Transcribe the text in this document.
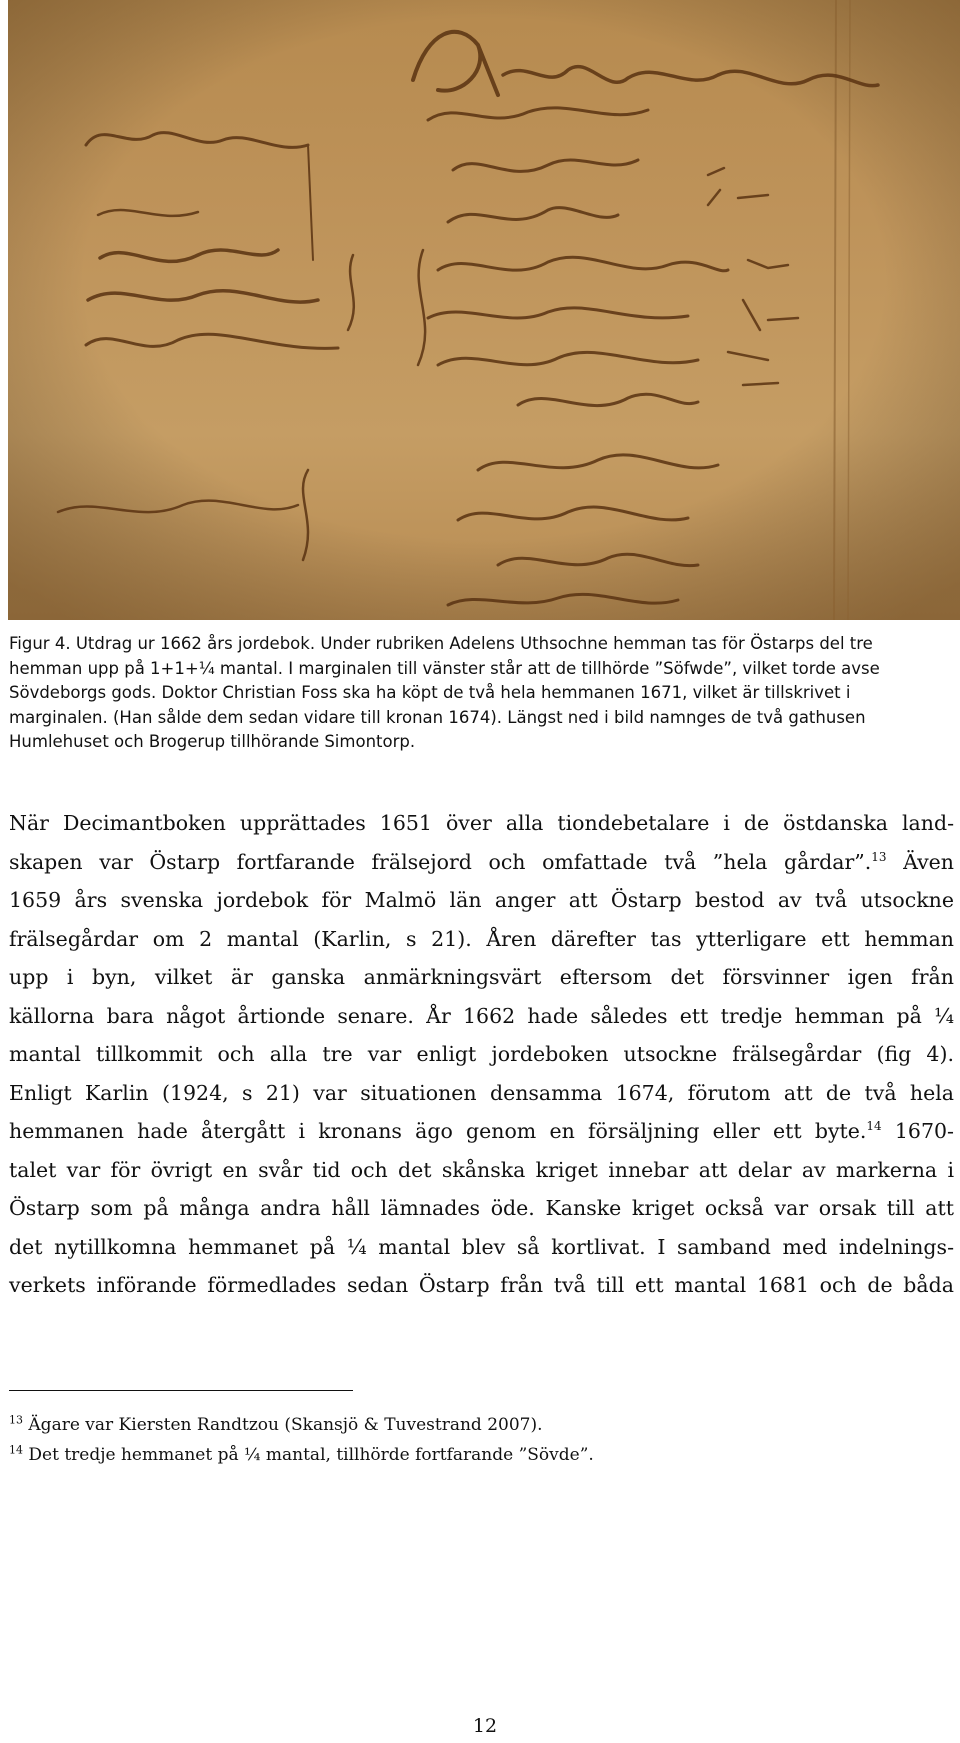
Figur 4. Utdrag ur 1662 års jordebok. Under rubriken Adelens Uthsochne hemman tas för Östarps del tre
hemman upp på 1+1+¼ mantal. I marginalen till vänster står att de tillhörde ”Söfwde”, vilket torde avse
Sövdeborgs gods. Doktor Christian Foss ska ha köpt de två hela hemmanen 1671, vilket är tillskrivet i
marginalen. (Han sålde dem sedan vidare till kronan 1674). Längst ned i bild namnges de två gathusen
Humlehuset och Brogerup tillhörande Simontorp.
När Decimantboken upprättades 1651 över alla tiondebetalare i de östdanska land-
skapen var Östarp fortfarande frälsejord och omfattade två ”hela gårdar”.$^{13}$ Även
1659 års svenska jordebok för Malmö län anger att Östarp bestod av två utsockne
frälsegårdar om 2 mantal (Karlin, s 21). Åren därefter tas ytterligare ett hemman
upp i byn, vilket är ganska anmärkningsvärt eftersom det försvinner igen från
källorna bara något årtionde senare. År 1662 hade således ett tredje hemman på ¼
mantal tillkommit och alla tre var enligt jordeboken utsockne frälsegårdar (fig 4).
Enligt Karlin (1924, s 21) var situationen densamma 1674, förutom att de två hela
hemmanen hade återgått i kronans ägo genom en försäljning eller ett byte.$^{14}$ 1670-
talet var för övrigt en svår tid och det skånska kriget innebar att delar av markerna i
Östarp som på många andra håll lämnades öde. Kanske kriget också var orsak till att
det nytillkomna hemmanet på ¼ mantal blev så kortlivat. I samband med indelnings-
verkets införande förmedlades sedan Östarp från två till ett mantal 1681 och de båda
$^{13}$ Ägare var Kiersten Randtzou (Skansjö & Tuvestrand 2007).
$^{14}$ Det tredje hemmanet på ¼ mantal, tillhörde fortfarande ”Sövde”.
12
